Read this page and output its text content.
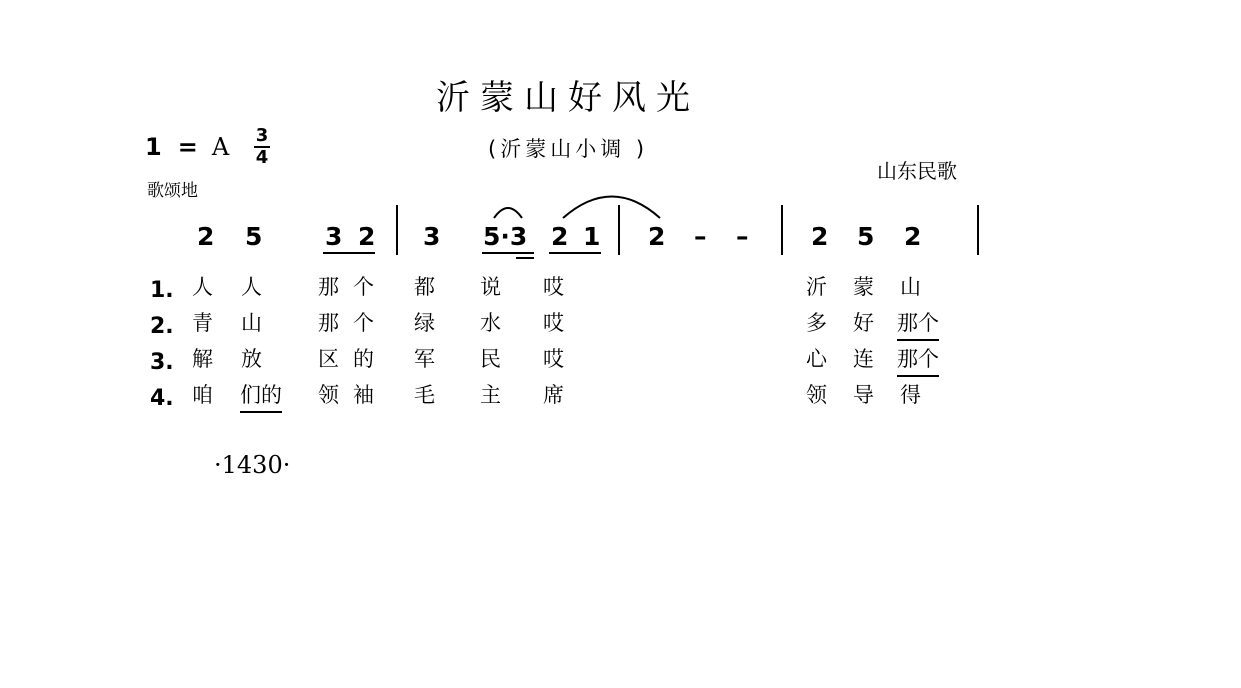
沂蒙山好风光
1 = A 3
4	(沂蒙山小调 )
山东民歌
歌颂地
2 5	3 2 3 5·3 2 1 2 – –	2 5 2
1. 人 人	那 个 都 说 哎	沂 蒙 山
2. 青 山	那 个 绿 水 哎	多 好 那个
3. 解 放	区 的 军 民 哎	心 连 那个
4. 咱 们的 领 袖 毛 主 席	领 导 得
·1430·
